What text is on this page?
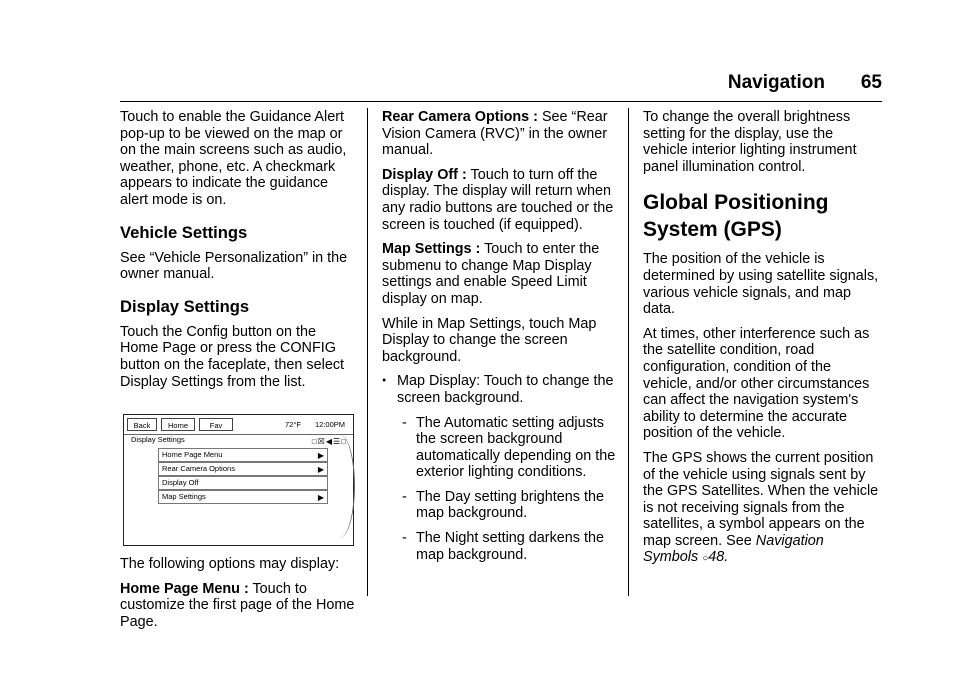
Navigation 65

Touch to enable the Guidance Alert pop-up to be viewed on the map or on the main screens such as audio, weather, phone, etc. A checkmark appears to indicate the guidance alert mode is on.

Vehicle Settings

See “Vehicle Personalization” in the owner manual.

Display Settings

Touch the Config button on the Home Page or press the CONFIG button on the faceplate, then select Display Settings from the list.

Back	Home	Fav	72°F 12:00PM
□☒◀☰□
Display Settings
Home Page Menu	▶
Rear Camera Options	▶
Display Off
Map Settings	▶

The following options may display:

Home Page Menu : Touch to customize the first page of the Home Page.

Rear Camera Options : See “Rear Vision Camera (RVC)” in the owner manual.

Display Off : Touch to turn off the display. The display will return when any radio buttons are touched or the screen is touched (if equipped).

Map Settings : Touch to enter the submenu to change Map Display settings and enable Speed Limit display on map.

While in Map Settings, touch Map Display to change the screen background.

● Map Display: Touch to change the screen background.
- The Automatic setting adjusts the screen background automatically depending on the exterior lighting conditions.
- The Day setting brightens the map background.
- The Night setting darkens the map background.

To change the overall brightness setting for the display, use the vehicle interior lighting instrument panel illumination control.

Global Positioning
System (GPS)

The position of the vehicle is determined by using satellite signals, various vehicle signals, and map data.

At times, other interference such as the satellite condition, road configuration, condition of the vehicle, and/or other circumstances can affect the navigation system's ability to determine the accurate position of the vehicle.

The GPS shows the current position of the vehicle using signals sent by the GPS Satellites. When the vehicle is not receiving signals from the satellites, a symbol appears on the map screen. See Navigation
Symbols ○48.
